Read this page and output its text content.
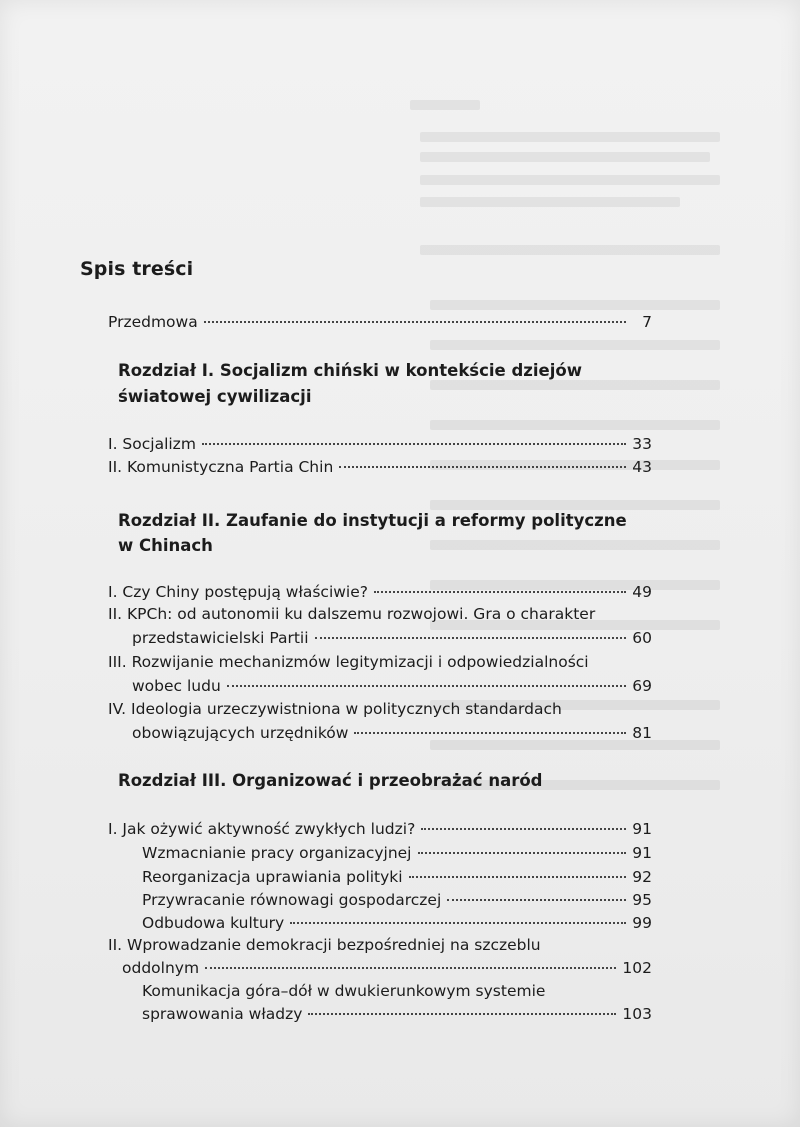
Spis treści
Przedmowa	7
Rozdział I. Socjalizm chiński w kontekście dziejów
światowej cywilizacji
I. Socjalizm	33
II. Komunistyczna Partia Chin	43
Rozdział II. Zaufanie do instytucji a reformy polityczne
w Chinach
I. Czy Chiny postępują właściwie?	49
II. KPCh: od autonomii ku dalszemu rozwojowi. Gra o charakter
przedstawicielski Partii	60
III. Rozwijanie mechanizmów legitymizacji i odpowiedzialności
wobec ludu	69
IV. Ideologia urzeczywistniona w politycznych standardach
obowiązujących urzędników	81
Rozdział III. Organizować i przeobrażać naród
I. Jak ożywić aktywność zwykłych ludzi?	91
Wzmacnianie pracy organizacyjnej	91
Reorganizacja uprawiania polityki	92
Przywracanie równowagi gospodarczej	95
Odbudowa kultury	99
II. Wprowadzanie demokracji bezpośredniej na szczeblu
oddolnym	102
Komunikacja góra–dół w dwukierunkowym systemie
sprawowania władzy	103
